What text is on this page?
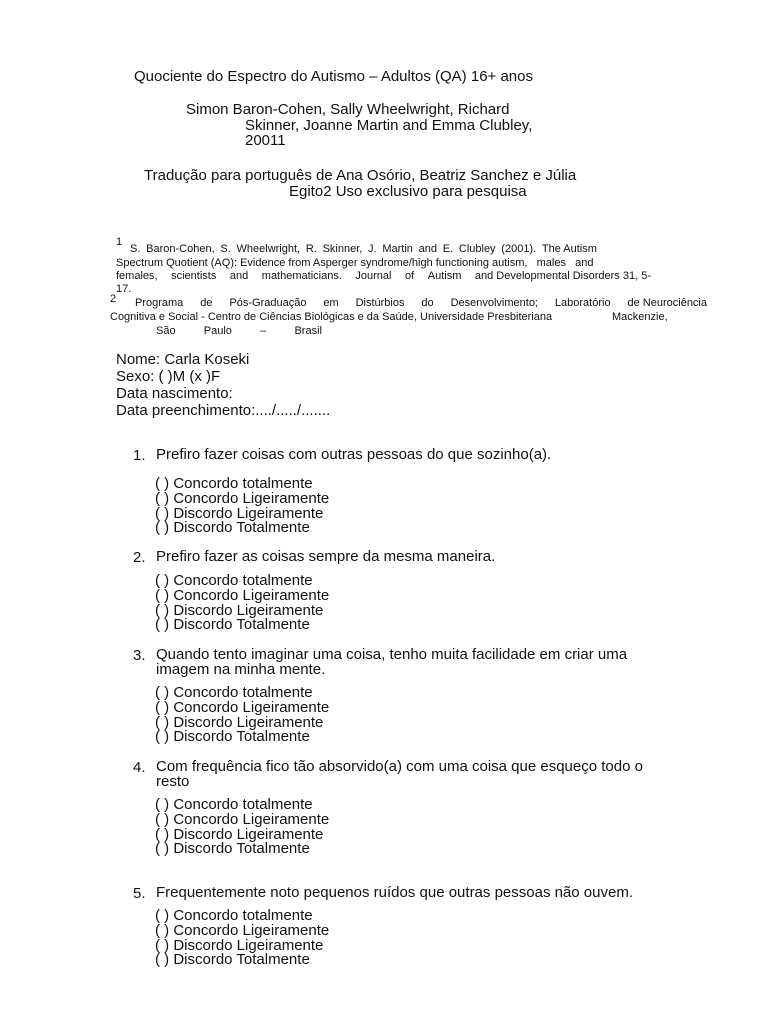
Quociente do Espectro do Autismo – Adultos (QA) 16+ anos
Simon Baron-Cohen, Sally Wheelwright, Richard
Skinner, Joanne Martin and Emma Clubley,
20011
Tradução para português de Ana Osório, Beatriz Sanchez e Júlia
Egito2 Uso exclusivo para pesquisa
1
S. Baron-Cohen, S. Wheelwright, R. Skinner, J. Martin and E. Clubley (2001). The Autism
Spectrum Quotient (AQ): Evidence from Asperger syndrome/high functioning autism,   males   and
females, scientists and mathematicians. Journal of Autism and Developmental Disorders 31, 5-
17.
2 Programa de Pós-Graduação em Distúrbios do Desenvolvimento; Laboratório de Neurociência
Cognitiva e Social - Centro de Ciências Biológicas e da Saúde, Universidade Presbiteriana	Mackenzie,
São	Paulo	–	Brasil
Nome: Carla Koseki
Sexo: ( )M (x )F
Data nascimento:
Data preenchimento:..../...../.......
1. Prefiro fazer coisas com outras pessoas do que sozinho(a).
( ) Concordo totalmente
( ) Concordo Ligeiramente
( ) Discordo Ligeiramente
( ) Discordo Totalmente
2. Prefiro fazer as coisas sempre da mesma maneira.
( ) Concordo totalmente
( ) Concordo Ligeiramente
( ) Discordo Ligeiramente
( ) Discordo Totalmente
3. Quando tento imaginar uma coisa, tenho muita facilidade em criar uma
imagem na minha mente.
( ) Concordo totalmente
( ) Concordo Ligeiramente
( ) Discordo Ligeiramente
( ) Discordo Totalmente
4. Com frequência fico tão absorvido(a) com uma coisa que esqueço todo o
resto
( ) Concordo totalmente
( ) Concordo Ligeiramente
( ) Discordo Ligeiramente
( ) Discordo Totalmente
5. Frequentemente noto pequenos ruídos que outras pessoas não ouvem.
( ) Concordo totalmente
( ) Concordo Ligeiramente
( ) Discordo Ligeiramente
( ) Discordo Totalmente
